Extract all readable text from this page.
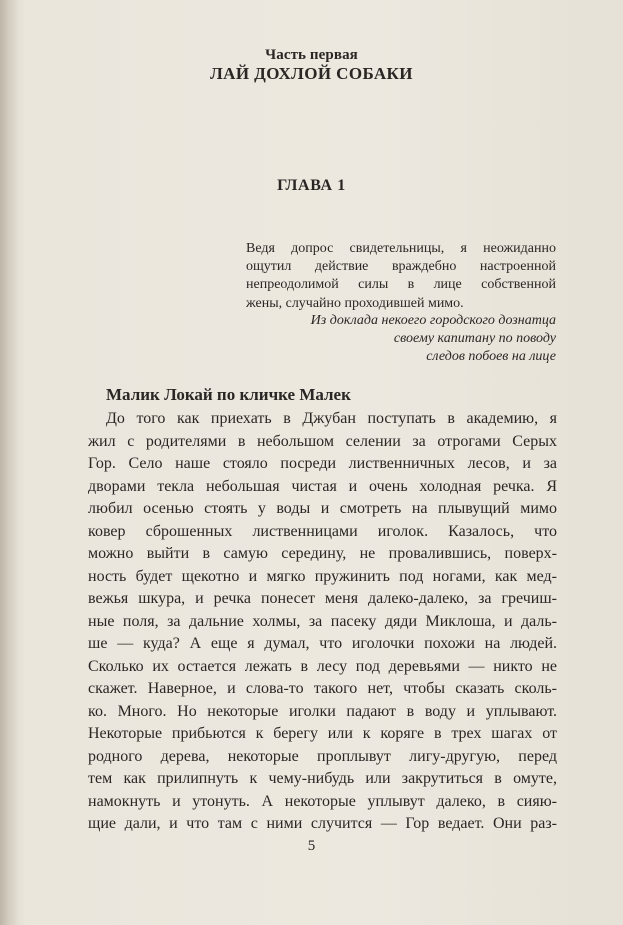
Часть первая
ЛАЙ ДОХЛОЙ СОБАКИ
ГЛАВА 1
Ведя допрос свидетельницы, я неожиданно
ощутил действие враждебно настроенной
непреодолимой силы в лице собственной
жены, случайно проходившей мимо.
Из доклада некоего городского дознатца
своему капитану по поводу
следов побоев на лице
Малик Локай по кличке Малек
До того как приехать в Джубан поступать в академию, я
жил с родителями в небольшом селении за отрогами Серых
Гор. Село наше стояло посреди лиственничных лесов, и за
дворами текла небольшая чистая и очень холодная речка. Я
любил осенью стоять у воды и смотреть на плывущий мимо
ковер сброшенных лиственницами иголок. Казалось, что
можно выйти в самую середину, не провалившись, поверх-
ность будет щекотно и мягко пружинить под ногами, как мед-
вежья шкура, и речка понесет меня далеко-далеко, за гречиш-
ные поля, за дальние холмы, за пасеку дяди Миклоша, и даль-
ше — куда? А еще я думал, что иголочки похожи на людей.
Сколько их остается лежать в лесу под деревьями — никто не
скажет. Наверное, и слова-то такого нет, чтобы сказать сколь-
ко. Много. Но некоторые иголки падают в воду и уплывают.
Некоторые прибьются к берегу или к коряге в трех шагах от
родного дерева, некоторые проплывут лигу-другую, перед
тем как прилипнуть к чему-нибудь или закрутиться в омуте,
намокнуть и утонуть. А некоторые уплывут далеко, в сияю-
щие дали, и что там с ними случится — Гор ведает. Они раз-
5
